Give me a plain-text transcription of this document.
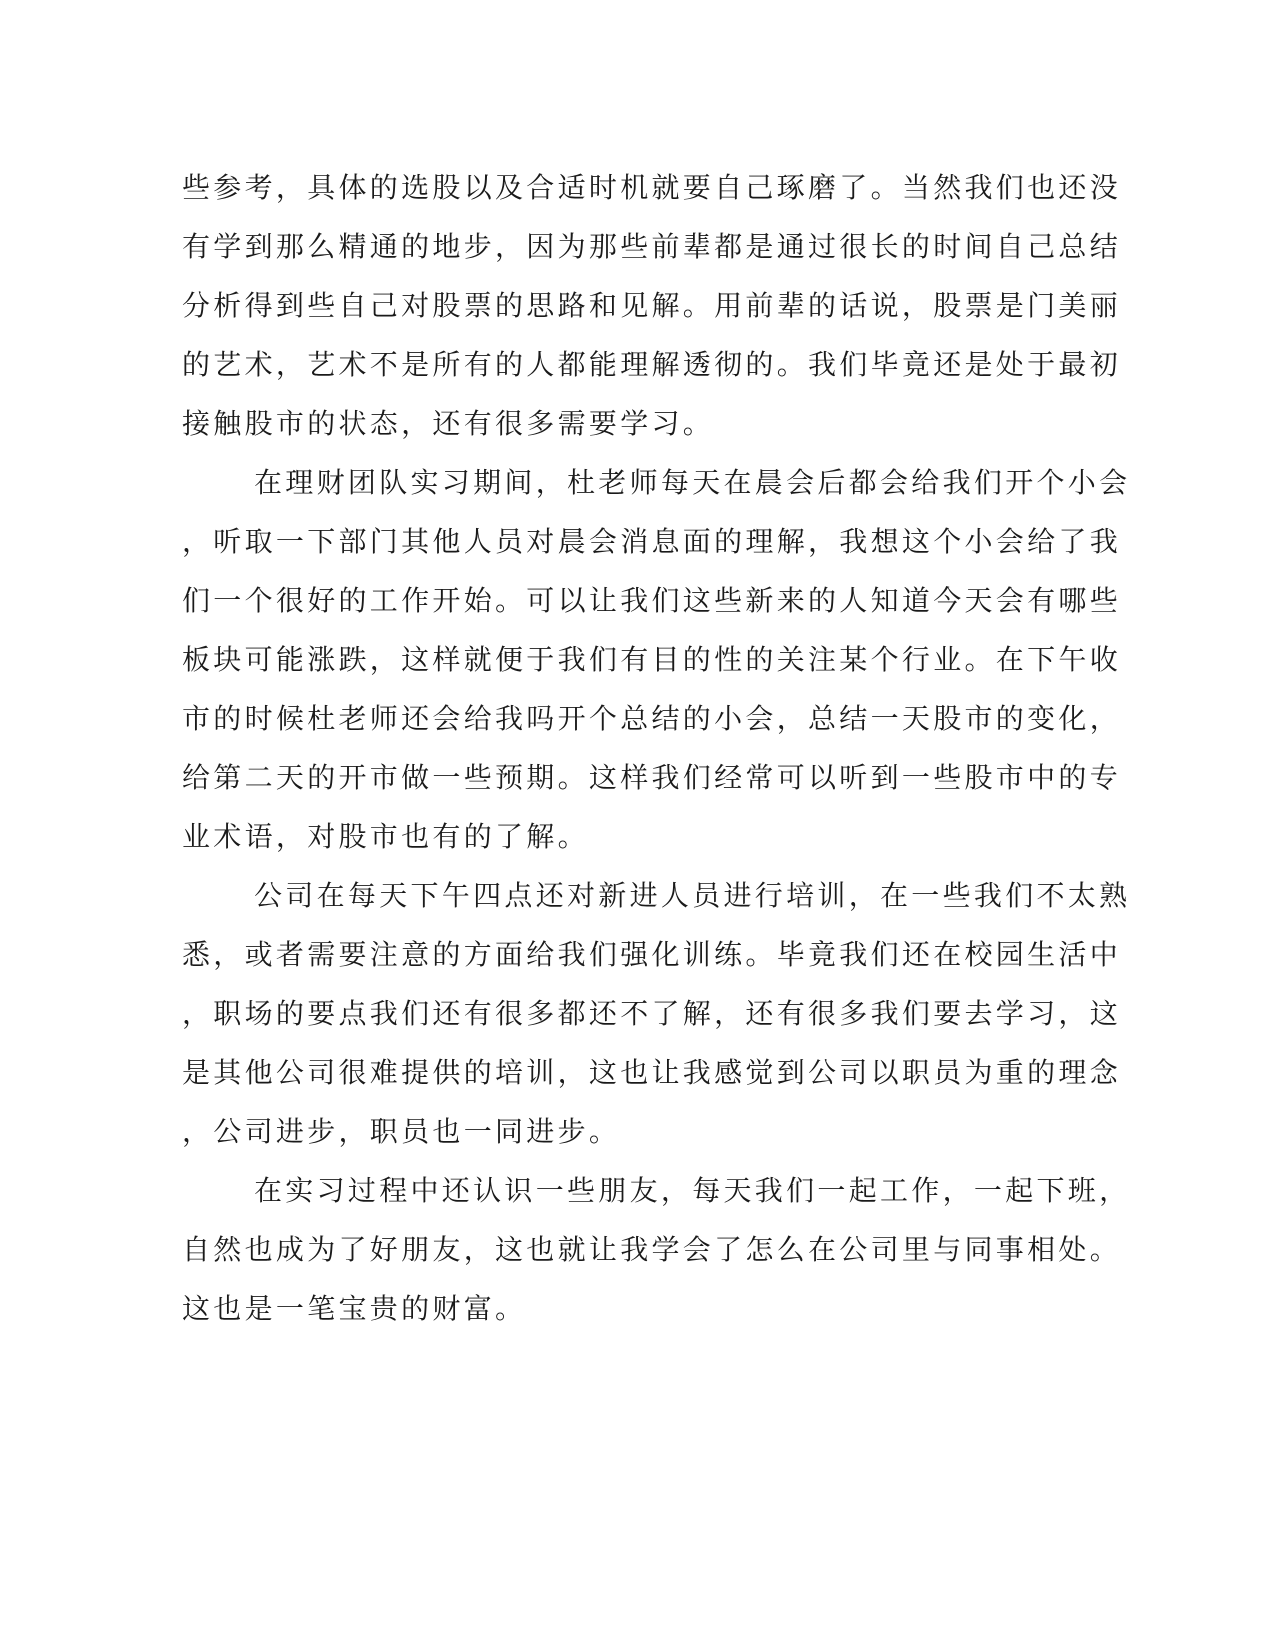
些参考，具体的选股以及合适时机就要自己琢磨了。当然我们也还没
有学到那么精通的地步，因为那些前辈都是通过很长的时间自己总结
分析得到些自己对股票的思路和见解。用前辈的话说，股票是门美丽
的艺术，艺术不是所有的人都能理解透彻的。我们毕竟还是处于最初
接触股市的状态，还有很多需要学习。
在理财团队实习期间，杜老师每天在晨会后都会给我们开个小会
，听取一下部门其他人员对晨会消息面的理解，我想这个小会给了我
们一个很好的工作开始。可以让我们这些新来的人知道今天会有哪些
板块可能涨跌，这样就便于我们有目的性的关注某个行业。在下午收
市的时候杜老师还会给我吗开个总结的小会，总结一天股市的变化，
给第二天的开市做一些预期。这样我们经常可以听到一些股市中的专
业术语，对股市也有的了解。
公司在每天下午四点还对新进人员进行培训，在一些我们不太熟
悉，或者需要注意的方面给我们强化训练。毕竟我们还在校园生活中
，职场的要点我们还有很多都还不了解，还有很多我们要去学习，这
是其他公司很难提供的培训，这也让我感觉到公司以职员为重的理念
，公司进步，职员也一同进步。
在实习过程中还认识一些朋友，每天我们一起工作，一起下班，
自然也成为了好朋友，这也就让我学会了怎么在公司里与同事相处。
这也是一笔宝贵的财富。
